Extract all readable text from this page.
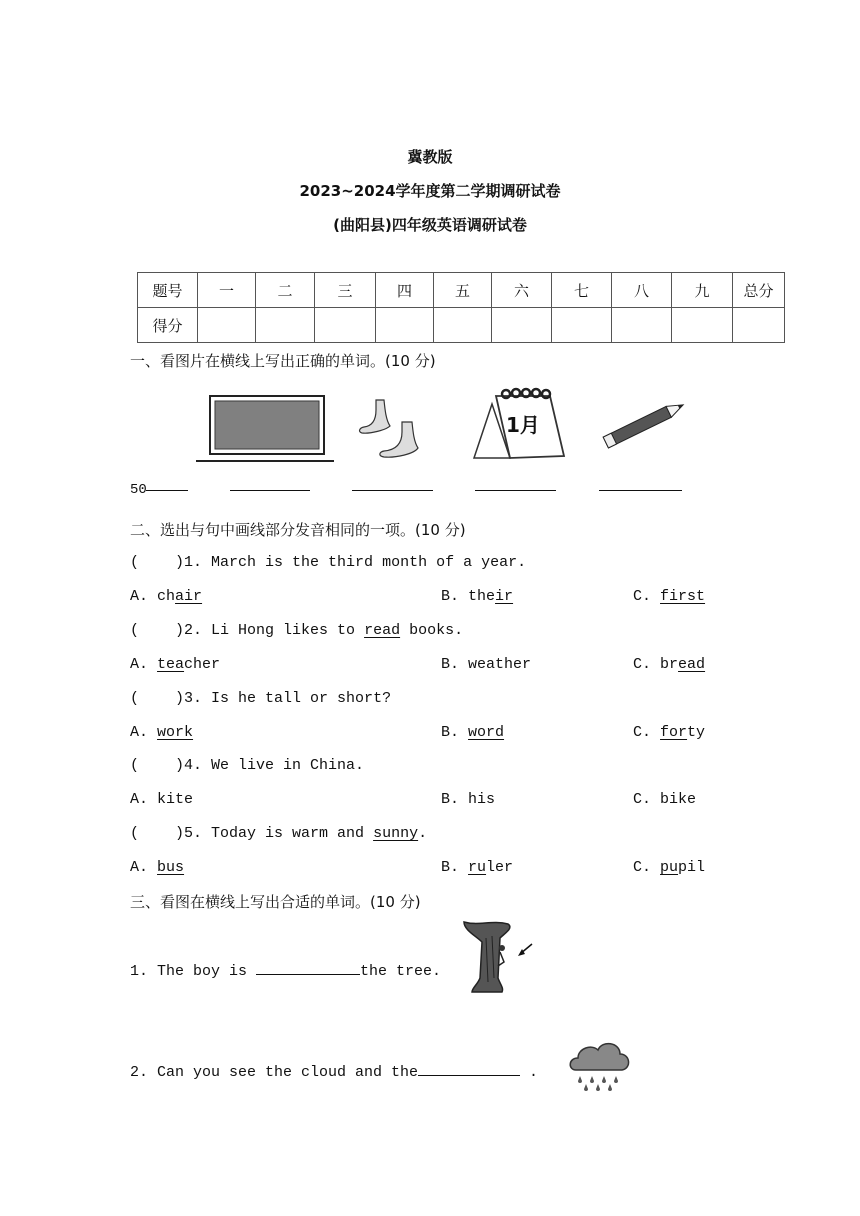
冀教版
2023~2024学年度第二学期调研试卷
(曲阳县)四年级英语调研试卷
题号	一	二	三	四	五	六	七	八	九	总分
得分										
一、看图片在横线上写出正确的单词。(10 分)
1月
50
二、选出与句中画线部分发音相同的一项。(10 分)
( )1. March is the third month of a year.
A. chair	B. their	C. first
( )2. Li Hong likes to read books.
A. teacher	B. weather	C. bread
( )3. Is he tall or short?
A. work	B. word	C. forty
( )4. We live in China.
A. kite	B. his	C. bike
( )5. Today is warm and sunny.
A. bus	B. ruler	C. pupil
三、看图在横线上写出合适的单词。(10 分)
1. The boy is	the tree.
2. Can you see the cloud and the	.
